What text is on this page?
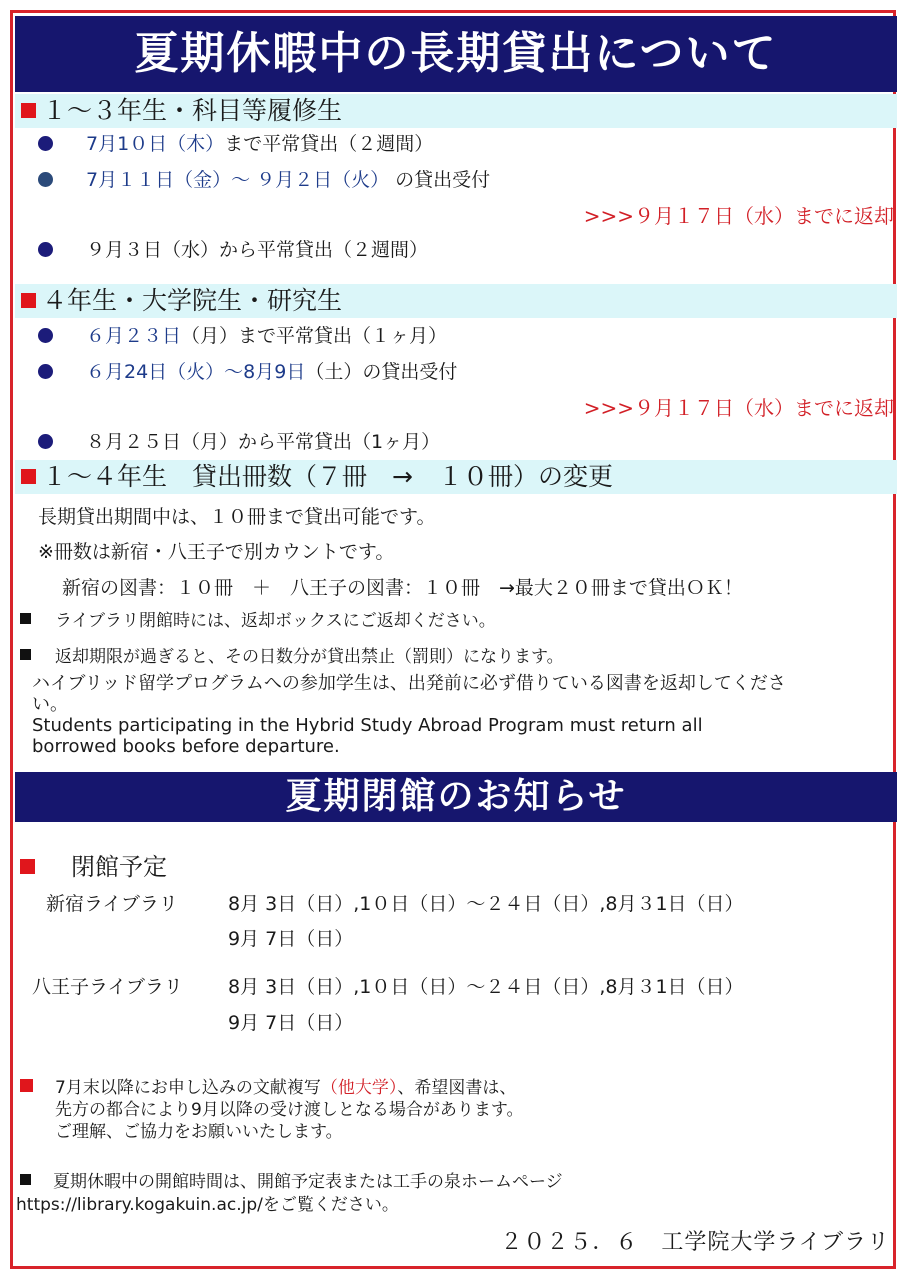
夏期休暇中の長期貸出について
１～３年生・科目等履修生
7月1０日（木）まで平常貸出（２週間）
7月１１日（金）～ ９月２日（火） の貸出受付
>>>９月１７日（水）までに返却
９月３日（水）から平常貸出（２週間）
４年生・大学院生・研究生
６月２３日（月）まで平常貸出（１ヶ月）
６月24日（火）～8月9日（土）の貸出受付
>>>９月１７日（水）までに返却
８月２５日（月）から平常貸出（1ヶ月）
１～４年生　貸出冊数（７冊　→　１０冊）の変更
長期貸出期間中は、１０冊まで貸出可能です。
※冊数は新宿・八王子で別カウントです。
新宿の図書：１０冊　＋　八王子の図書：１０冊　→最大２０冊まで貸出ＯＫ！
ライブラリ閉館時には、返却ボックスにご返却ください。
返却期限が過ぎると、その日数分が貸出禁止（罰則）になります。
ハイブリッド留学プログラムへの参加学生は、出発前に必ず借りている図書を返却してくださ
い。
Students participating in the Hybrid Study Abroad Program must return all
borrowed books before departure.
夏期閉館のお知らせ
閉館予定
新宿ライブラリ	8月 3日（日）,1０日（日）～２４日（日）,8月３1日（日）
9月 7日（日）
八王子ライブラリ 8月 3日（日）,1０日（日）～２４日（日）,8月３1日（日）
9月 7日（日）
7月末以降にお申し込みの文献複写（他大学）、希望図書は、
先方の都合により9月以降の受け渡しとなる場合があります。
ご理解、ご協力をお願いいたします。
夏期休暇中の開館時間は、開館予定表または工手の泉ホームページ
https://library.kogakuin.ac.jp/をご覧ください。
２０２５．６　工学院大学ライブラリ
